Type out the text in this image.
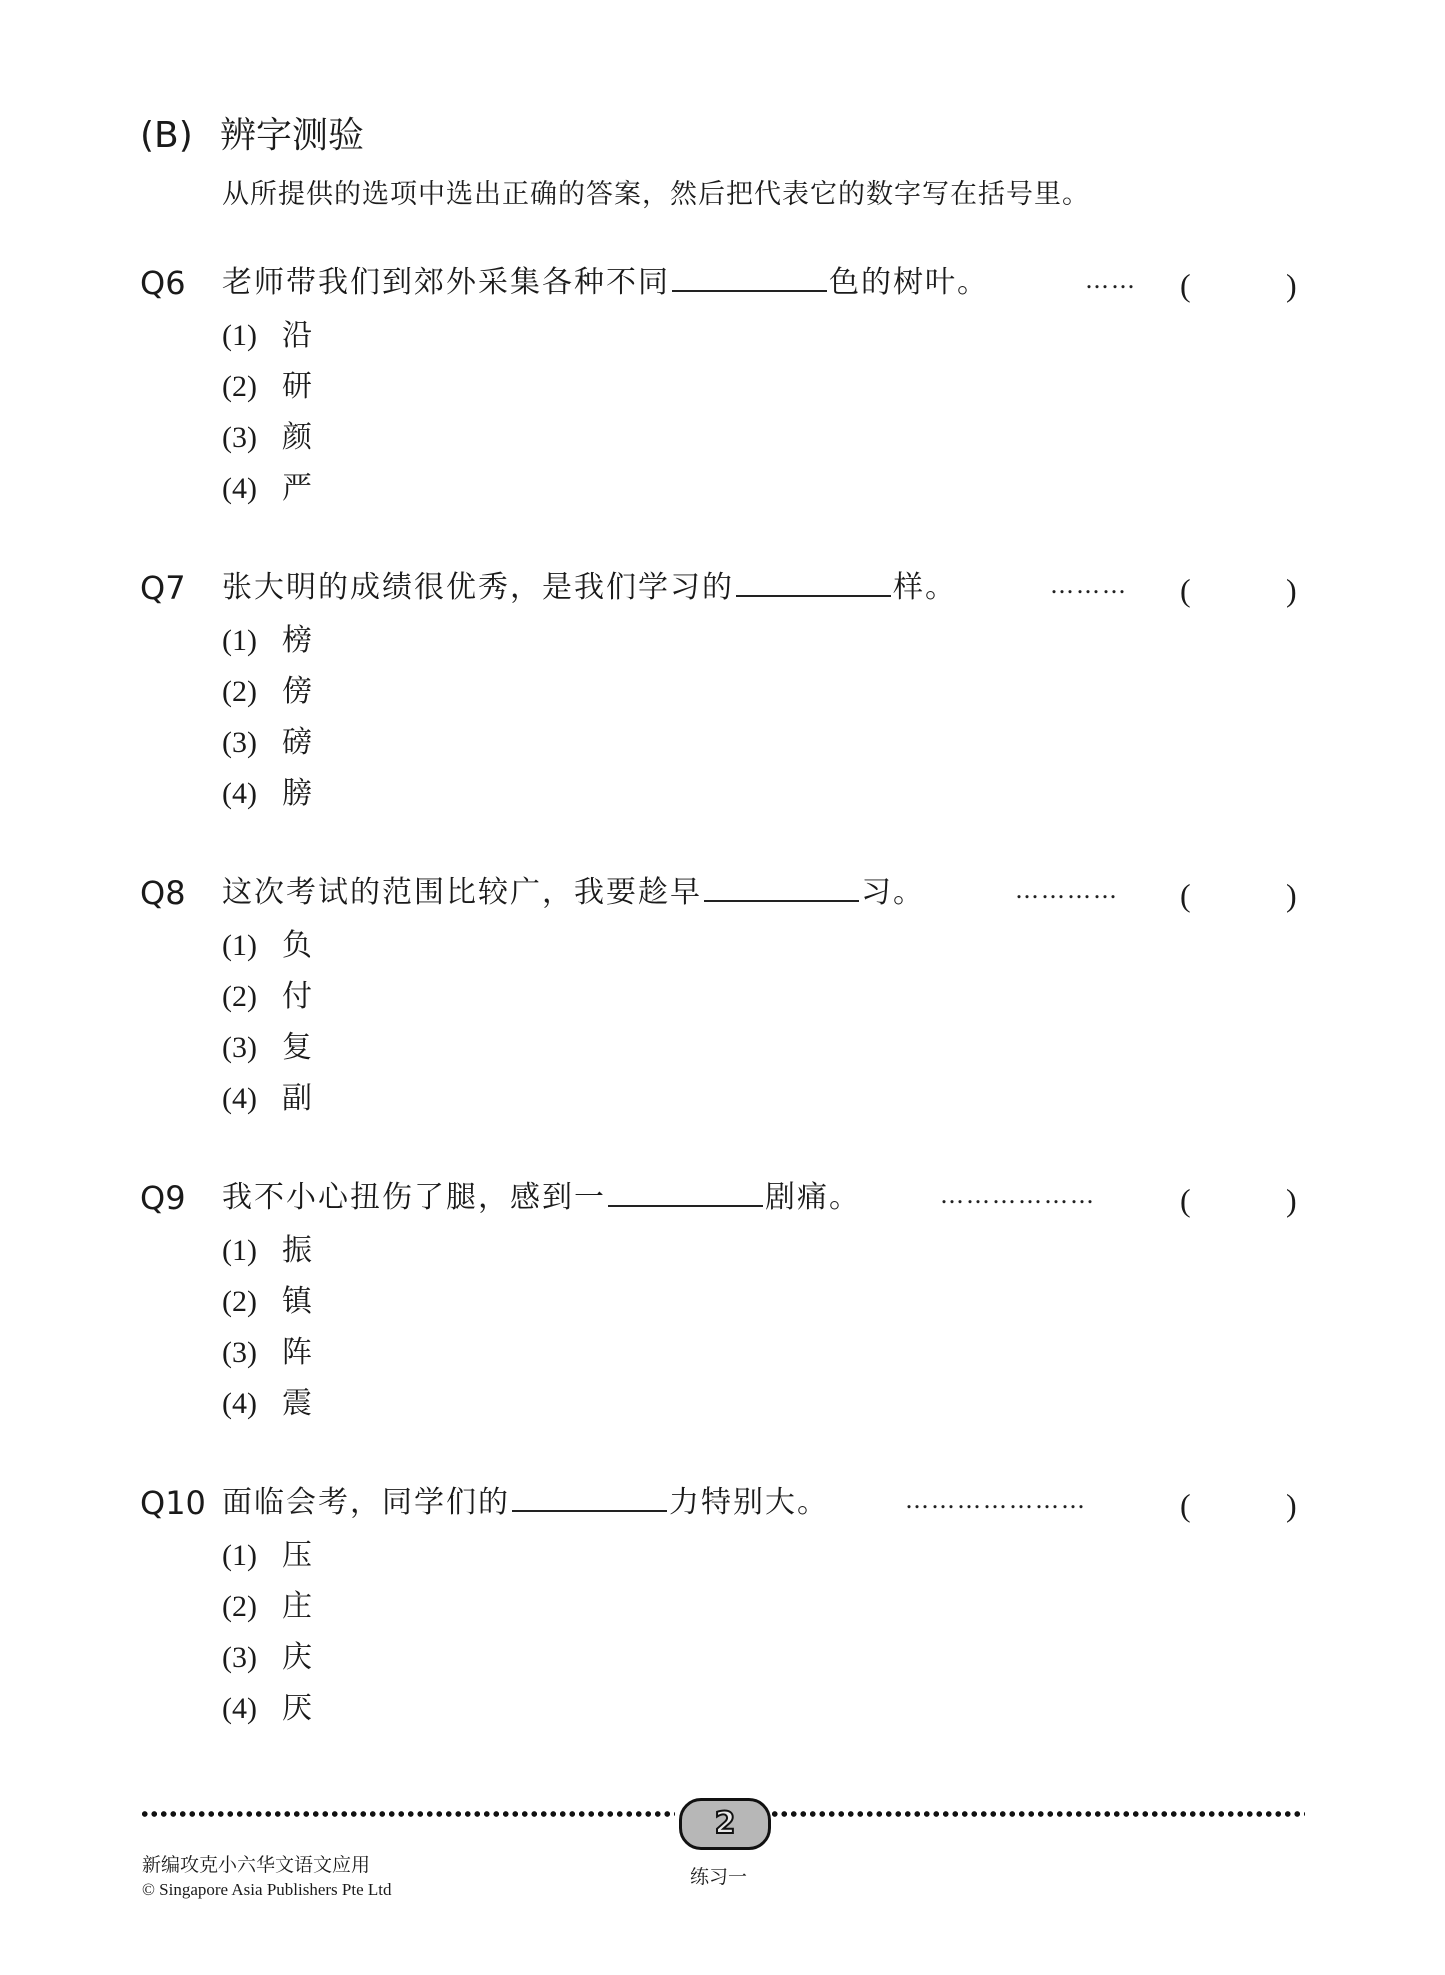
(B) 辨字测验
从所提供的选项中选出正确的答案，然后把代表它的数字写在括号里。
Q6 老师带我们到郊外采集各种不同	色的树叶。	…… (	)
(1) 沿
(2) 研
(3) 颜
(4) 严
Q7 张大明的成绩很优秀，是我们学习的	样。	……… (	)
(1) 榜
(2) 傍
(3) 磅
(4) 膀
Q8 这次考试的范围比较广，我要趁早	习。	………… (	)
(1) 负
(2) 付
(3) 复
(4) 副
Q9 我不小心扭伤了腿，感到一	剧痛。	………………	(	)
(1) 振
(2) 镇
(3) 阵
(4) 震
Q10 面临会考，同学们的	力特别大。	…………………	(	)
(1) 压
(2) 庄
(3) 庆
(4) 厌
2
新编攻克小六华文语文应用
© Singapore Asia Publishers Pte Ltd
练习一
